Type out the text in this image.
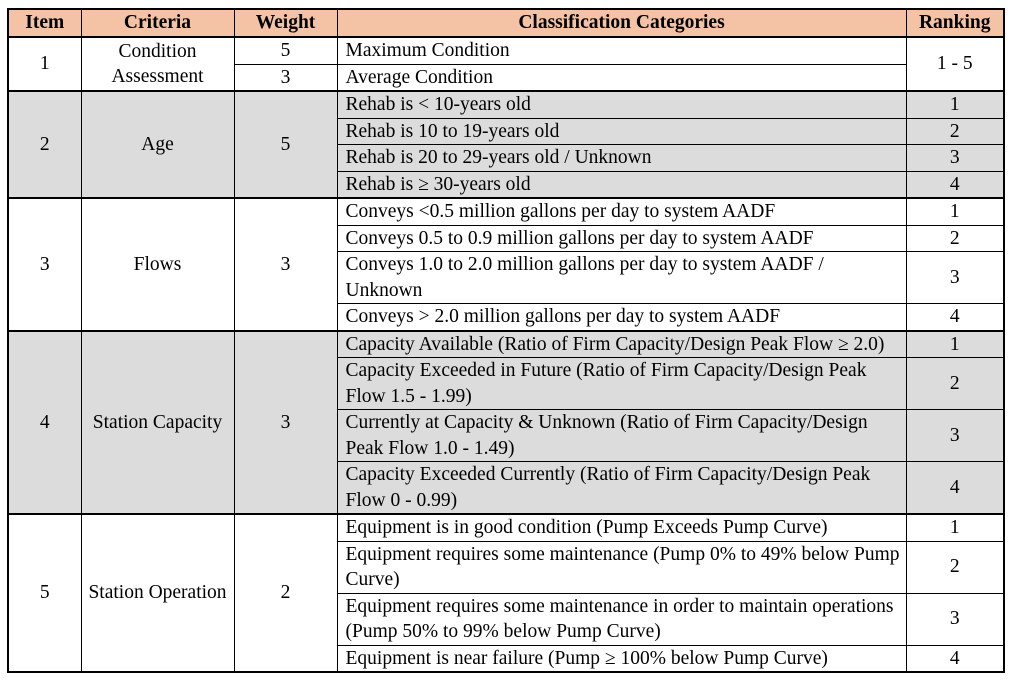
Item	Criteria	Weight	Classification Categories	Ranking
1	Condition Assessment	5	Maximum Condition	1 - 5
		3	Average Condition	
2	Age	5	Rehab is < 10-years old	1
			Rehab is 10 to 19-years old	2
			Rehab is 20 to 29-years old / Unknown	3
			Rehab is ≥ 30-years old	4
3	Flows	3	Conveys <0.5 million gallons per day to system AADF	1
			Conveys 0.5 to 0.9 million gallons per day to system AADF	2
			Conveys 1.0 to 2.0 million gallons per day to system AADF / Unknown	3
			Conveys > 2.0 million gallons per day to system AADF	4
4	Station Capacity	3	Capacity Available (Ratio of Firm Capacity/Design Peak Flow ≥ 2.0)	1
			Capacity Exceeded in Future (Ratio of Firm Capacity/Design Peak Flow 1.5 - 1.99)	2
			Currently at Capacity & Unknown (Ratio of Firm Capacity/Design Peak Flow 1.0 - 1.49)	3
			Capacity Exceeded Currently (Ratio of Firm Capacity/Design Peak Flow 0 - 0.99)	4
5	Station Operation	2	Equipment is in good condition (Pump Exceeds Pump Curve)	1
			Equipment requires some maintenance (Pump 0% to 49% below Pump Curve)	2
			Equipment requires some maintenance in order to maintain operations (Pump 50% to 99% below Pump Curve)	3
			Equipment is near failure (Pump ≥ 100% below Pump Curve)	4
